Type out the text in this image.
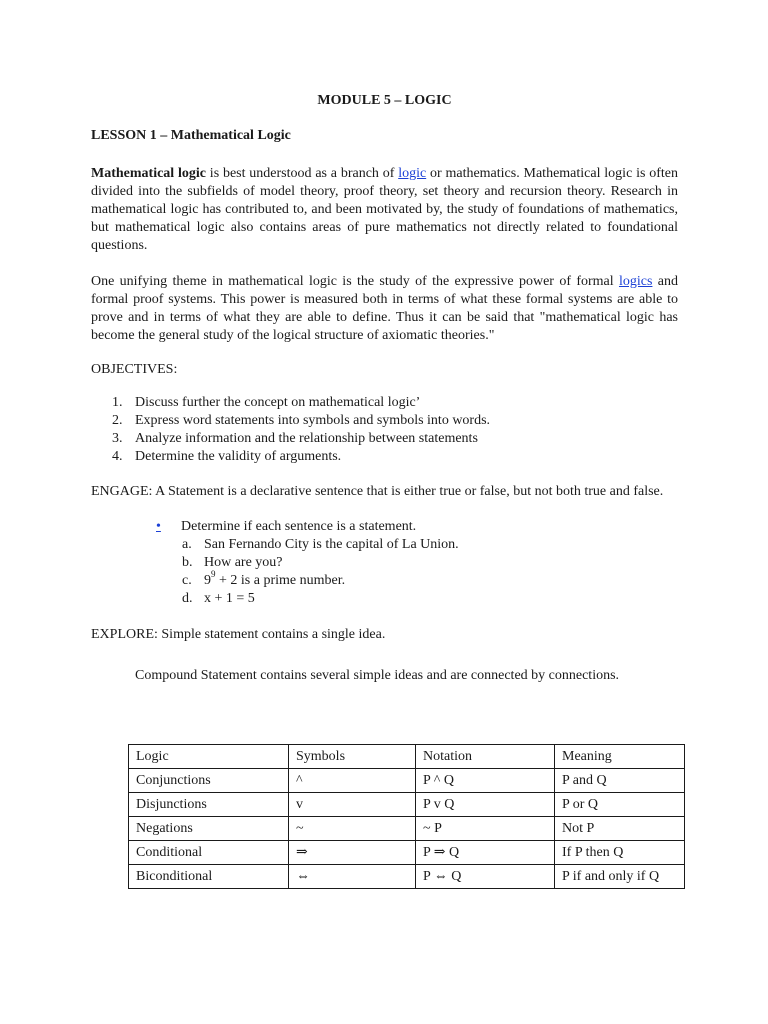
MODULE 5 – LOGIC

LESSON 1 – Mathematical Logic

Mathematical logic is best understood as a branch of logic or mathematics. Mathematical logic is often divided into the subfields of model theory, proof theory, set theory and recursion theory. Research in mathematical logic has contributed to, and been motivated by, the study of foundations of mathematics, but mathematical logic also contains areas of pure mathematics not directly related to foundational questions.

One unifying theme in mathematical logic is the study of the expressive power of formal logics and formal proof systems. This power is measured both in terms of what these formal systems are able to prove and in terms of what they are able to define. Thus it can be said that "mathematical logic has become the general study of the logical structure of axiomatic theories."

OBJECTIVES:

1. Discuss further the concept on mathematical logic’
2. Express word statements into symbols and symbols into words.
3. Analyze information and the relationship between statements
4. Determine the validity of arguments.

ENGAGE: A Statement is a declarative sentence that is either true or false, but not both true and false.

•	Determine if each sentence is a statement.
a. San Fernando City is the capital of La Union.
b. How are you?
c. $9^9 + 2$ is a prime number.
d. x + 1 = 5

EXPLORE: Simple statement contains a single idea.

Compound Statement contains several simple ideas and are connected by connections.

Logic	Symbols	Notation	Meaning
Conjunctions	^	P ^ Q	P and Q
Disjunctions	v	P v Q	P or Q
Negations	~	~ P	Not P
Conditional	⇒	P ⇒ Q	If P then Q
Biconditional	⇔	P ⇔ Q	P if and only if Q
